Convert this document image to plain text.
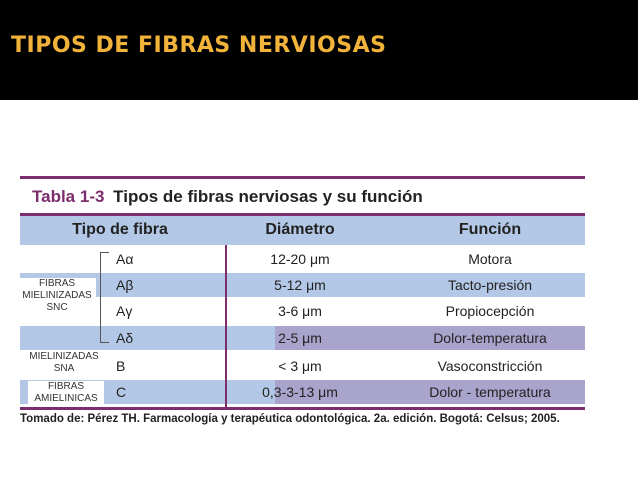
TIPOS DE FIBRAS NERVIOSAS
Tabla 1-3 Tipos de fibras nerviosas y su función
Tipo de fibra	Diámetro	Función
Aα	12-20 μm	Motora
Aβ	5-12 μm	Tacto-presión
Aγ	3-6 μm	Propiocepción
Aδ	2-5 μm	Dolor-temperatura
B	< 3 μm	Vasoconstricción
C	0,3-3-13 μm	Dolor - temperatura
Tomado de: Pérez TH. Farmacología y terapéutica odontológica. 2a. edición. Bogotá: Celsus; 2005.
FIBRAS MIELINIZADAS SNC
MIELINIZADAS SNA
FIBRAS AMIELINICAS
